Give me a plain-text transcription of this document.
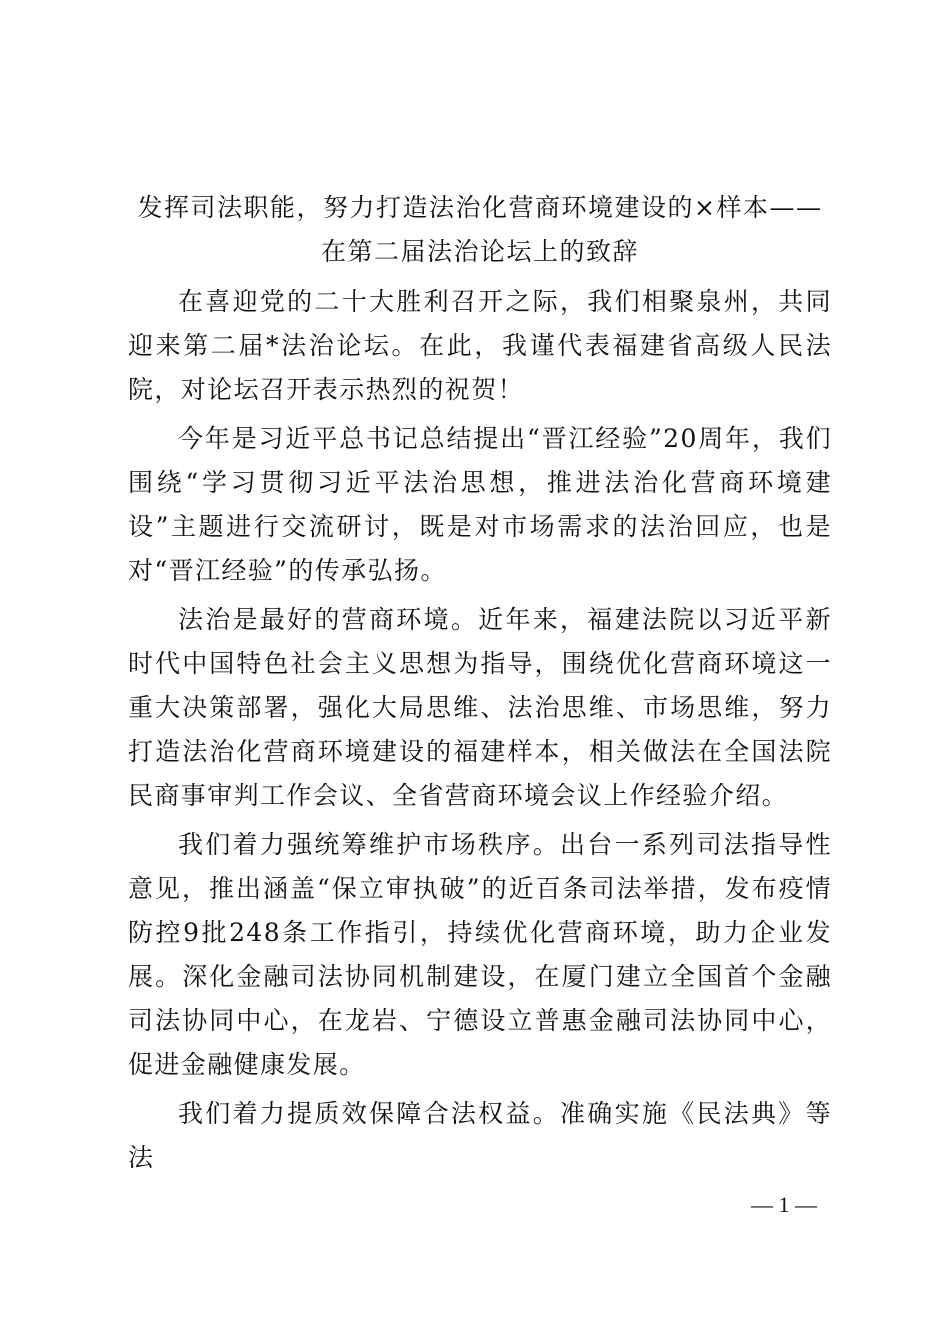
发挥司法职能，努力打造法治化营商环境建设的×样本——在第二届法治论坛上的致辞

在喜迎党的二十大胜利召开之际，我们相聚泉州，共同迎来第二届*法治论坛。在此，我谨代表福建省高级人民法院，对论坛召开表示热烈的祝贺！

今年是习近平总书记总结提出“晋江经验”20周年，我们围绕“学习贯彻习近平法治思想，推进法治化营商环境建设”主题进行交流研讨，既是对市场需求的法治回应，也是对“晋江经验”的传承弘扬。

法治是最好的营商环境。近年来，福建法院以习近平新时代中国特色社会主义思想为指导，围绕优化营商环境这一重大决策部署，强化大局思维、法治思维、市场思维，努力打造法治化营商环境建设的福建样本，相关做法在全国法院民商事审判工作会议、全省营商环境会议上作经验介绍。

我们着力强统筹维护市场秩序。出台一系列司法指导性意见，推出涵盖“保立审执破”的近百条司法举措，发布疫情防控9批248条工作指引，持续优化营商环境，助力企业发展。深化金融司法协同机制建设，在厦门建立全国首个金融司法协同中心，在龙岩、宁德设立普惠金融司法协同中心，促进金融健康发展。

我们着力提质效保障合法权益。准确实施《民法典》等法

— 1 —
